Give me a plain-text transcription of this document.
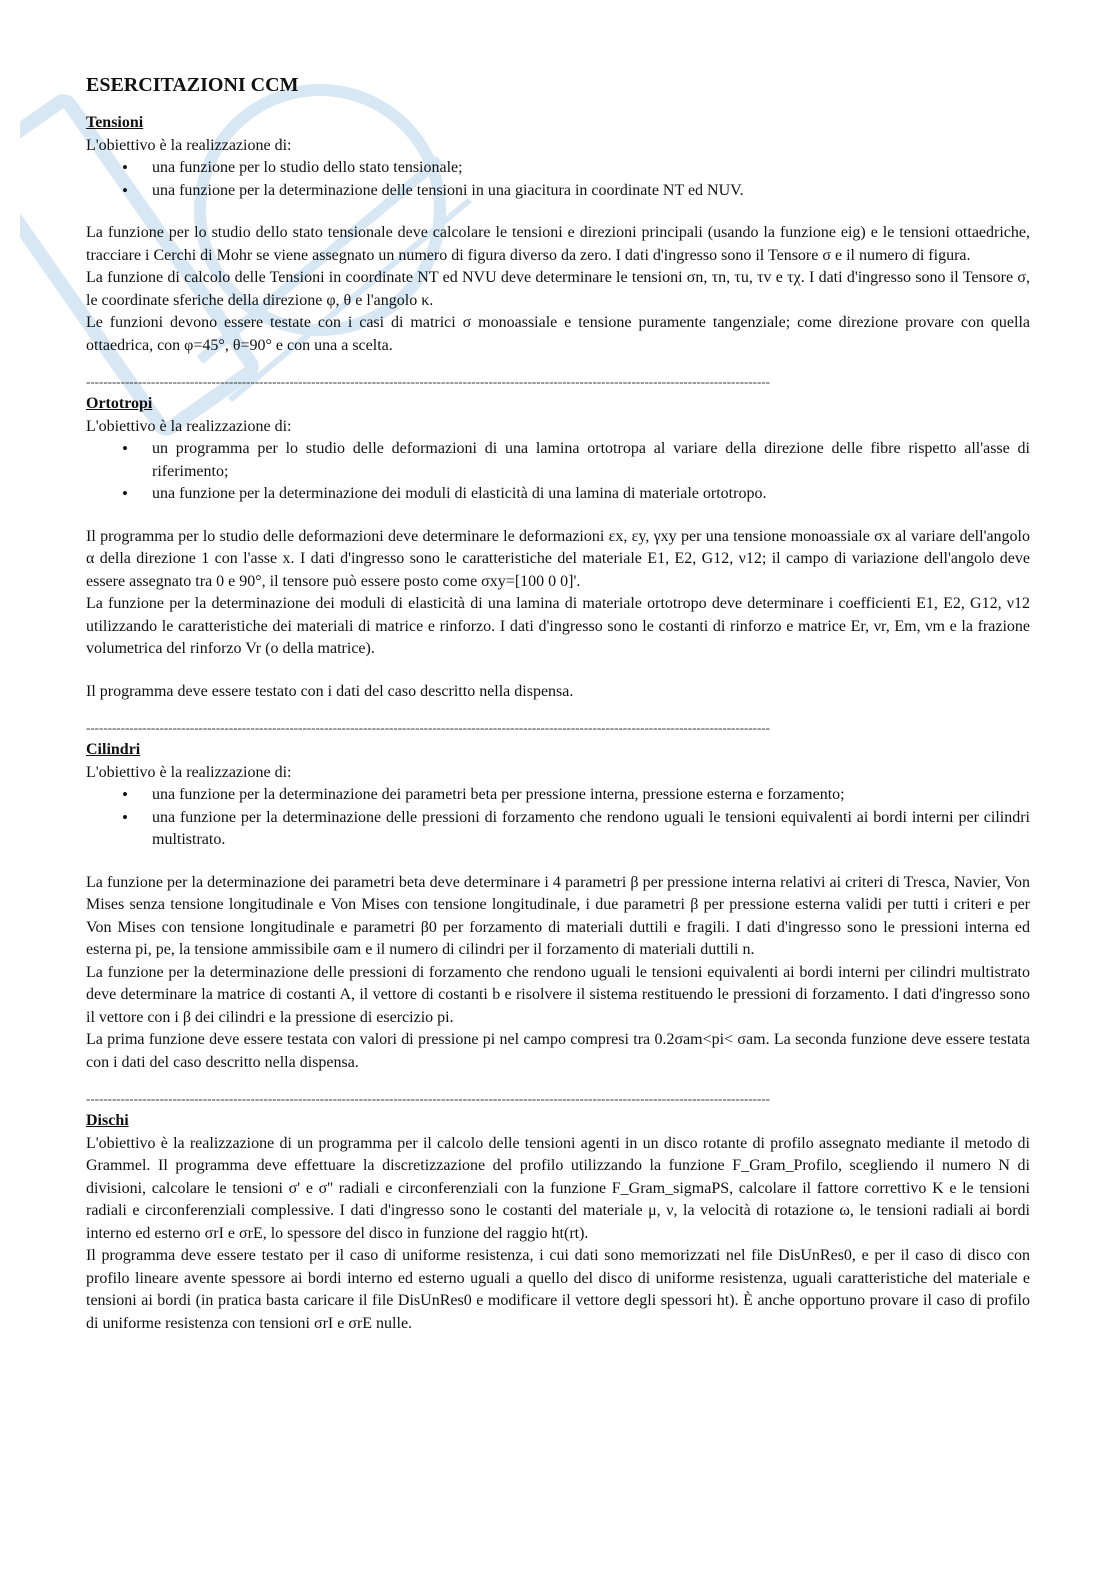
ESERCITAZIONI CCM
Tensioni

L'obiettivo è la realizzazione di:

• una funzione per lo studio dello stato tensionale;
• una funzione per la determinazione delle tensioni in una giacitura in coordinate NT ed NUV.

La funzione per lo studio dello stato tensionale deve calcolare le tensioni e direzioni principali (usando la funzione eig) e le tensioni ottaedriche, tracciare i Cerchi di Mohr se viene assegnato un numero di figura diverso da zero. I dati d'ingresso sono il Tensore σ e il numero di figura.

La funzione di calcolo delle Tensioni in coordinate NT ed NVU deve determinare le tensioni σn, τn, τu, τv e τχ. I dati d'ingresso sono il Tensore σ, le coordinate sferiche della direzione φ, θ e l'angolo κ.

Le funzioni devono essere testate con i casi di matrici σ monoassiale e tensione puramente tangenziale; come direzione provare con quella ottaedrica, con φ=45°, θ=90° e con una a scelta.

--------------------------------------------------------------------------------------------------------------------------------------------------------------
Ortotropi

L'obiettivo è la realizzazione di:

• un programma per lo studio delle deformazioni di una lamina ortotropa al variare della direzione delle fibre rispetto all'asse di riferimento;
• una funzione per la determinazione dei moduli di elasticità di una lamina di materiale ortotropo.

Il programma per lo studio delle deformazioni deve determinare le deformazioni εx, εy, γxy per una tensione monoassiale σx al variare dell'angolo α della direzione 1 con l'asse x. I dati d'ingresso sono le caratteristiche del materiale E1, E2, G12, ν12; il campo di variazione dell'angolo deve essere assegnato tra 0 e 90°, il tensore può essere posto come σxy=[100 0 0]'.

La funzione per la determinazione dei moduli di elasticità di una lamina di materiale ortotropo deve determinare i coefficienti E1, E2, G12, ν12 utilizzando le caratteristiche dei materiali di matrice e rinforzo. I dati d'ingresso sono le costanti di rinforzo e matrice Er, νr, Em, νm e la frazione volumetrica del rinforzo Vr (o della matrice).

Il programma deve essere testato con i dati del caso descritto nella dispensa.

--------------------------------------------------------------------------------------------------------------------------------------------------------------
Cilindri

L'obiettivo è la realizzazione di:

• una funzione per la determinazione dei parametri beta per pressione interna, pressione esterna e forzamento;
• una funzione per la determinazione delle pressioni di forzamento che rendono uguali le tensioni equivalenti ai bordi interni per cilindri multistrato.

La funzione per la determinazione dei parametri beta deve determinare i 4 parametri β per pressione interna relativi ai criteri di Tresca, Navier, Von Mises senza tensione longitudinale e Von Mises con tensione longitudinale, i due parametri β per pressione esterna validi per tutti i criteri e per Von Mises con tensione longitudinale e parametri β0 per forzamento di materiali duttili e fragili. I dati d'ingresso sono le pressioni interna ed esterna pi, pe, la tensione ammissibile σam e il numero di cilindri per il forzamento di materiali duttili n.

La funzione per la determinazione delle pressioni di forzamento che rendono uguali le tensioni equivalenti ai bordi interni per cilindri multistrato deve determinare la matrice di costanti A, il vettore di costanti b e risolvere il sistema restituendo le pressioni di forzamento. I dati d'ingresso sono il vettore con i β dei cilindri e la pressione di esercizio pi.

La prima funzione deve essere testata con valori di pressione pi nel campo compresi tra 0.2σam<pi< σam. La seconda funzione deve essere testata con i dati del caso descritto nella dispensa.

--------------------------------------------------------------------------------------------------------------------------------------------------------------
Dischi

L'obiettivo è la realizzazione di un programma per il calcolo delle tensioni agenti in un disco rotante di profilo assegnato mediante il metodo di Grammel. Il programma deve effettuare la discretizzazione del profilo utilizzando la funzione F_Gram_Profilo, scegliendo il numero N di divisioni, calcolare le tensioni σ' e σ'' radiali e circonferenziali con la funzione F_Gram_sigmaPS, calcolare il fattore correttivo K e le tensioni radiali e circonferenziali complessive. I dati d'ingresso sono le costanti del materiale μ, ν, la velocità di rotazione ω, le tensioni radiali ai bordi interno ed esterno σrI e σrE, lo spessore del disco in funzione del raggio ht(rt).

Il programma deve essere testato per il caso di uniforme resistenza, i cui dati sono memorizzati nel file DisUnRes0, e per il caso di disco con profilo lineare avente spessore ai bordi interno ed esterno uguali a quello del disco di uniforme resistenza, uguali caratteristiche del materiale e tensioni ai bordi (in pratica basta caricare il file DisUnRes0 e modificare il vettore degli spessori ht). È anche opportuno provare il caso di profilo di uniforme resistenza con tensioni σrI e σrE nulle.
